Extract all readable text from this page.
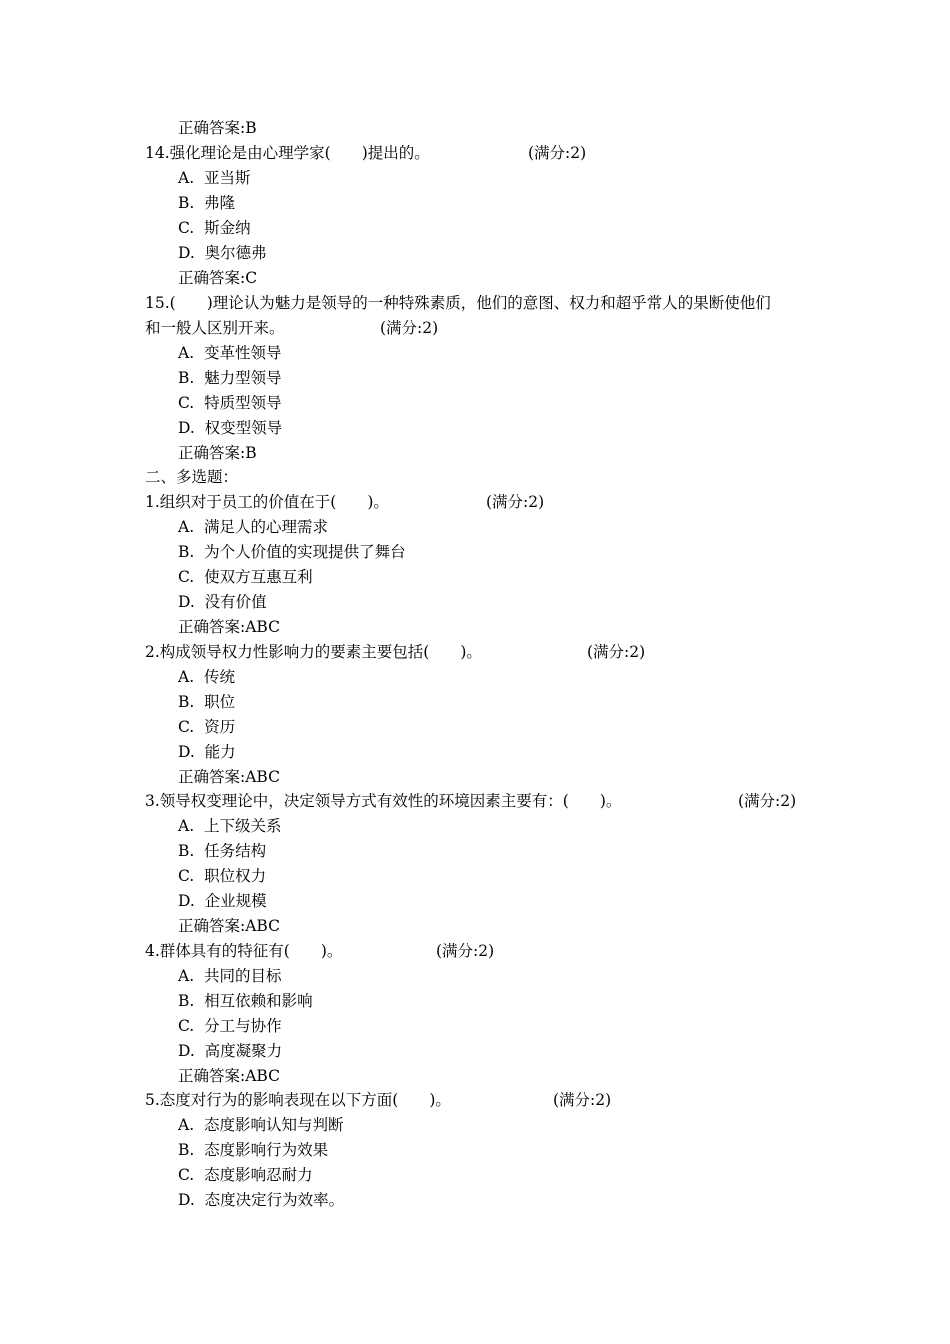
正确答案:B
14.强化理论是由心理学家(　　)提出的。	(满分:2)
A.  亚当斯
B.  弗隆
C.  斯金纳
D.  奥尔德弗
正确答案:C
15.(　　)理论认为魅力是领导的一种特殊素质，他们的意图、权力和超乎常人的果断使他们
和一般人区别开来。	(满分:2)
A.  变革性领导
B.  魅力型领导
C.  特质型领导
D.  权变型领导
正确答案:B
二、多选题：
1.组织对于员工的价值在于(　　)。	(满分:2)
A.  满足人的心理需求
B.  为个人价值的实现提供了舞台
C.  使双方互惠互利
D.  没有价值
正确答案:ABC
2.构成领导权力性影响力的要素主要包括(　　)。	(满分:2)
A.  传统
B.  职位
C.  资历
D.  能力
正确答案:ABC
3.领导权变理论中，决定领导方式有效性的环境因素主要有：(　　)。	(满分:2)
A.  上下级关系
B.  任务结构
C.  职位权力
D.  企业规模
正确答案:ABC
4.群体具有的特征有(　　)。	(满分:2)
A.  共同的目标
B.  相互依赖和影响
C.  分工与协作
D.  高度凝聚力
正确答案:ABC
5.态度对行为的影响表现在以下方面(　　)。	(满分:2)
A.  态度影响认知与判断
B.  态度影响行为效果
C.  态度影响忍耐力
D.  态度决定行为效率。
